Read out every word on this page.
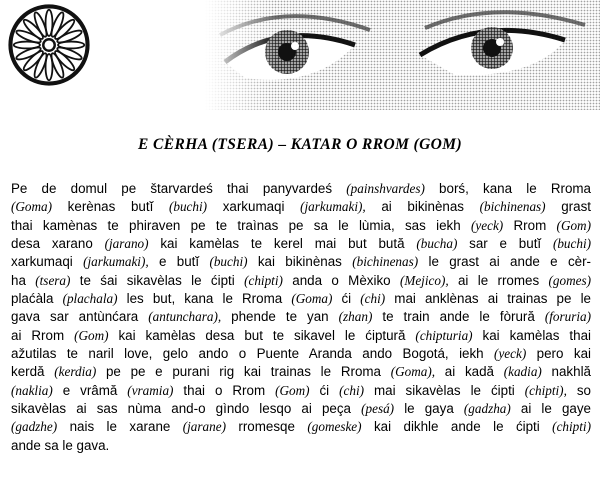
E CÈRHA (TSERA) – KATAR O RROM (GOM)
Pe de domul pe štarvardeś thai panyvardeś (painshvardes) borś, kana le Rroma
(Goma) kerènas butĭ (buchi) xarkumaqi (jarkumaki), ai bikinènas (bichinenas) grast
thai kamènas te phiraven pe te traìnas pe sa le lùmia, sas iekh (yeck) Rrom (Gom)
desa xarano (jarano) kai kamèlas te kerel mai but bută (bucha) sar e butĭ (buchi)
xarkumaqi (jarkumaki), e butĭ (buchi) kai bikinènas (bichinenas) le grast ai ande e cèr-
ha (tsera) te śai sikavèlas le ćipti (chipti) anda o Mèxiko (Mejico), ai le rromes (gomes)
plaćàla (plachala) les but, kana le Rroma (Goma) ći (chi) mai anklènas ai trainas pe le
gava sar antùnćara (antunchara), phende te yan (zhan) te train ande le fòrură (foruria)
ai Rrom (Gom) kai kamèlas desa but te sikavel le ćiptură (chipturia) kai kamèlas thai
ažutilas te naril love, gelo ando o Puente Aranda ando Bogotá, iekh (yeck) pero kai
kerdă (kerdia) pe pe e purani rig kai trainas le Rroma (Goma), ai kadă (kadia) nakhlă
(naklia) e vrâmă (vramia) thai o Rrom (Gom) ći (chi) mai sikavèlas le ćipti (chipti), so
sikavèlas ai sas nùma and-o gìndo lesqo ai peça (pesá) le gaya (gadzha) ai le gaye
(gadzhe) nais le xarane (jarane) rromesqe (gomeske) kai dikhle ande le ćipti (chipti)
ande sa le gava.
